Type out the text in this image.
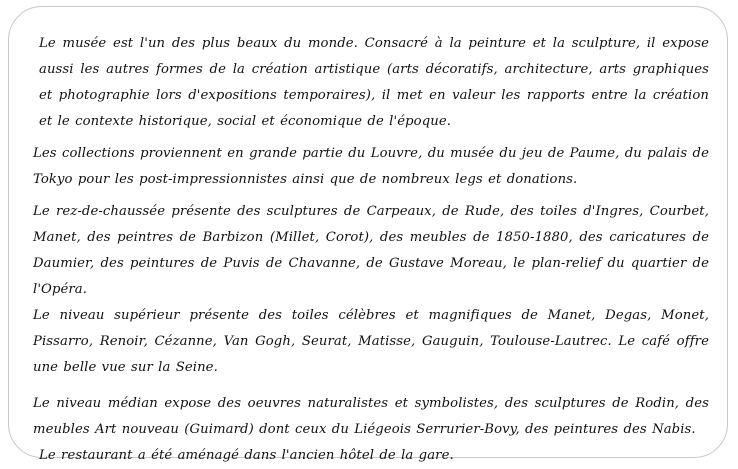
Le musée est l'un des plus beaux du monde. Consacré à la peinture et la sculpture, il expose aussi les autres formes de la création artistique (arts décoratifs, architecture, arts graphiques et photographie lors d'expositions temporaires), il met en valeur les rapports entre la création et le contexte historique, social et économique de l'époque.

Les collections proviennent en grande partie du Louvre, du musée du jeu de Paume, du palais de Tokyo pour les post-impressionnistes ainsi que de nombreux legs et donations.

Le rez-de-chaussée présente des sculptures de Carpeaux, de Rude, des toiles d'Ingres, Courbet, Manet, des peintres de Barbizon (Millet, Corot), des meubles de 1850-1880, des caricatures de Daumier, des peintures de Puvis de Chavanne, de Gustave Moreau, le plan-relief du quartier de l'Opéra.

Le niveau supérieur présente des toiles célèbres et magnifiques de Manet, Degas, Monet, Pissarro, Renoir, Cézanne, Van Gogh, Seurat, Matisse, Gauguin, Toulouse-Lautrec. Le café offre une belle vue sur la Seine.

Le niveau médian expose des oeuvres naturalistes et symbolistes, des sculptures de Rodin, des meubles Art nouveau (Guimard) dont ceux du Liégeois Serrurier-Bovy, des peintures des Nabis.

Le restaurant a été aménagé dans l'ancien hôtel de la gare.
